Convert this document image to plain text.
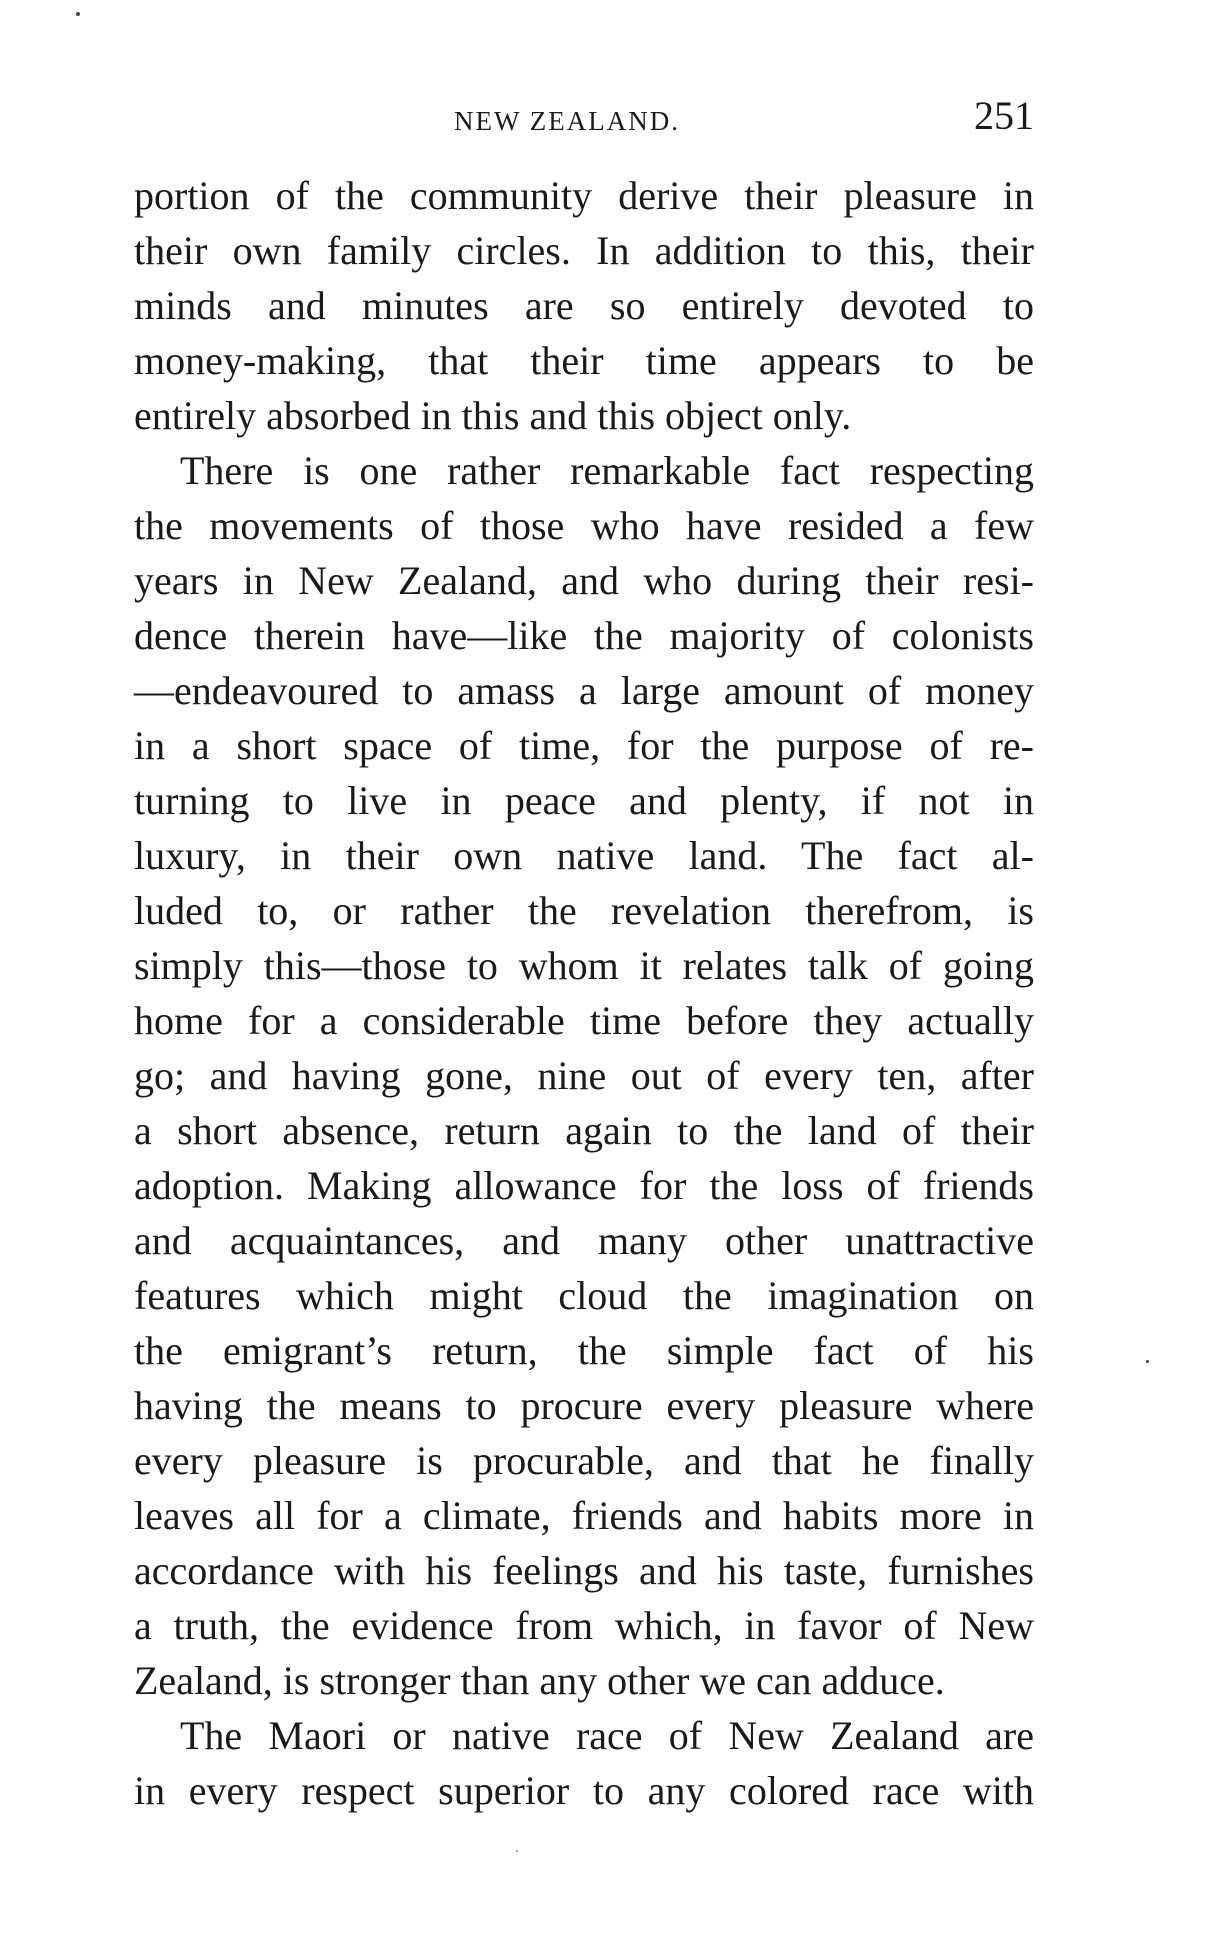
NEW ZEALAND.	251
portion of the community derive their pleasure in
their own family circles. In addition to this, their
minds and minutes are so entirely devoted to
money-making, that their time appears to be
entirely absorbed in this and this object only.
There is one rather remarkable fact respecting
the movements of those who have resided a few
years in New Zealand, and who during their resi-
dence therein have—like the majority of colonists
—endeavoured to amass a large amount of money
in a short space of time, for the purpose of re-
turning to live in peace and plenty, if not in
luxury, in their own native land. The fact al-
luded to, or rather the revelation therefrom, is
simply this—those to whom it relates talk of going
home for a considerable time before they actually
go; and having gone, nine out of every ten, after
a short absence, return again to the land of their
adoption. Making allowance for the loss of friends
and acquaintances, and many other unattractive
features which might cloud the imagination on
the emigrant’s return, the simple fact of his
having the means to procure every pleasure where
every pleasure is procurable, and that he finally
leaves all for a climate, friends and habits more in
accordance with his feelings and his taste, furnishes
a truth, the evidence from which, in favor of New
Zealand, is stronger than any other we can adduce.
The Maori or native race of New Zealand are
in every respect superior to any colored race with
